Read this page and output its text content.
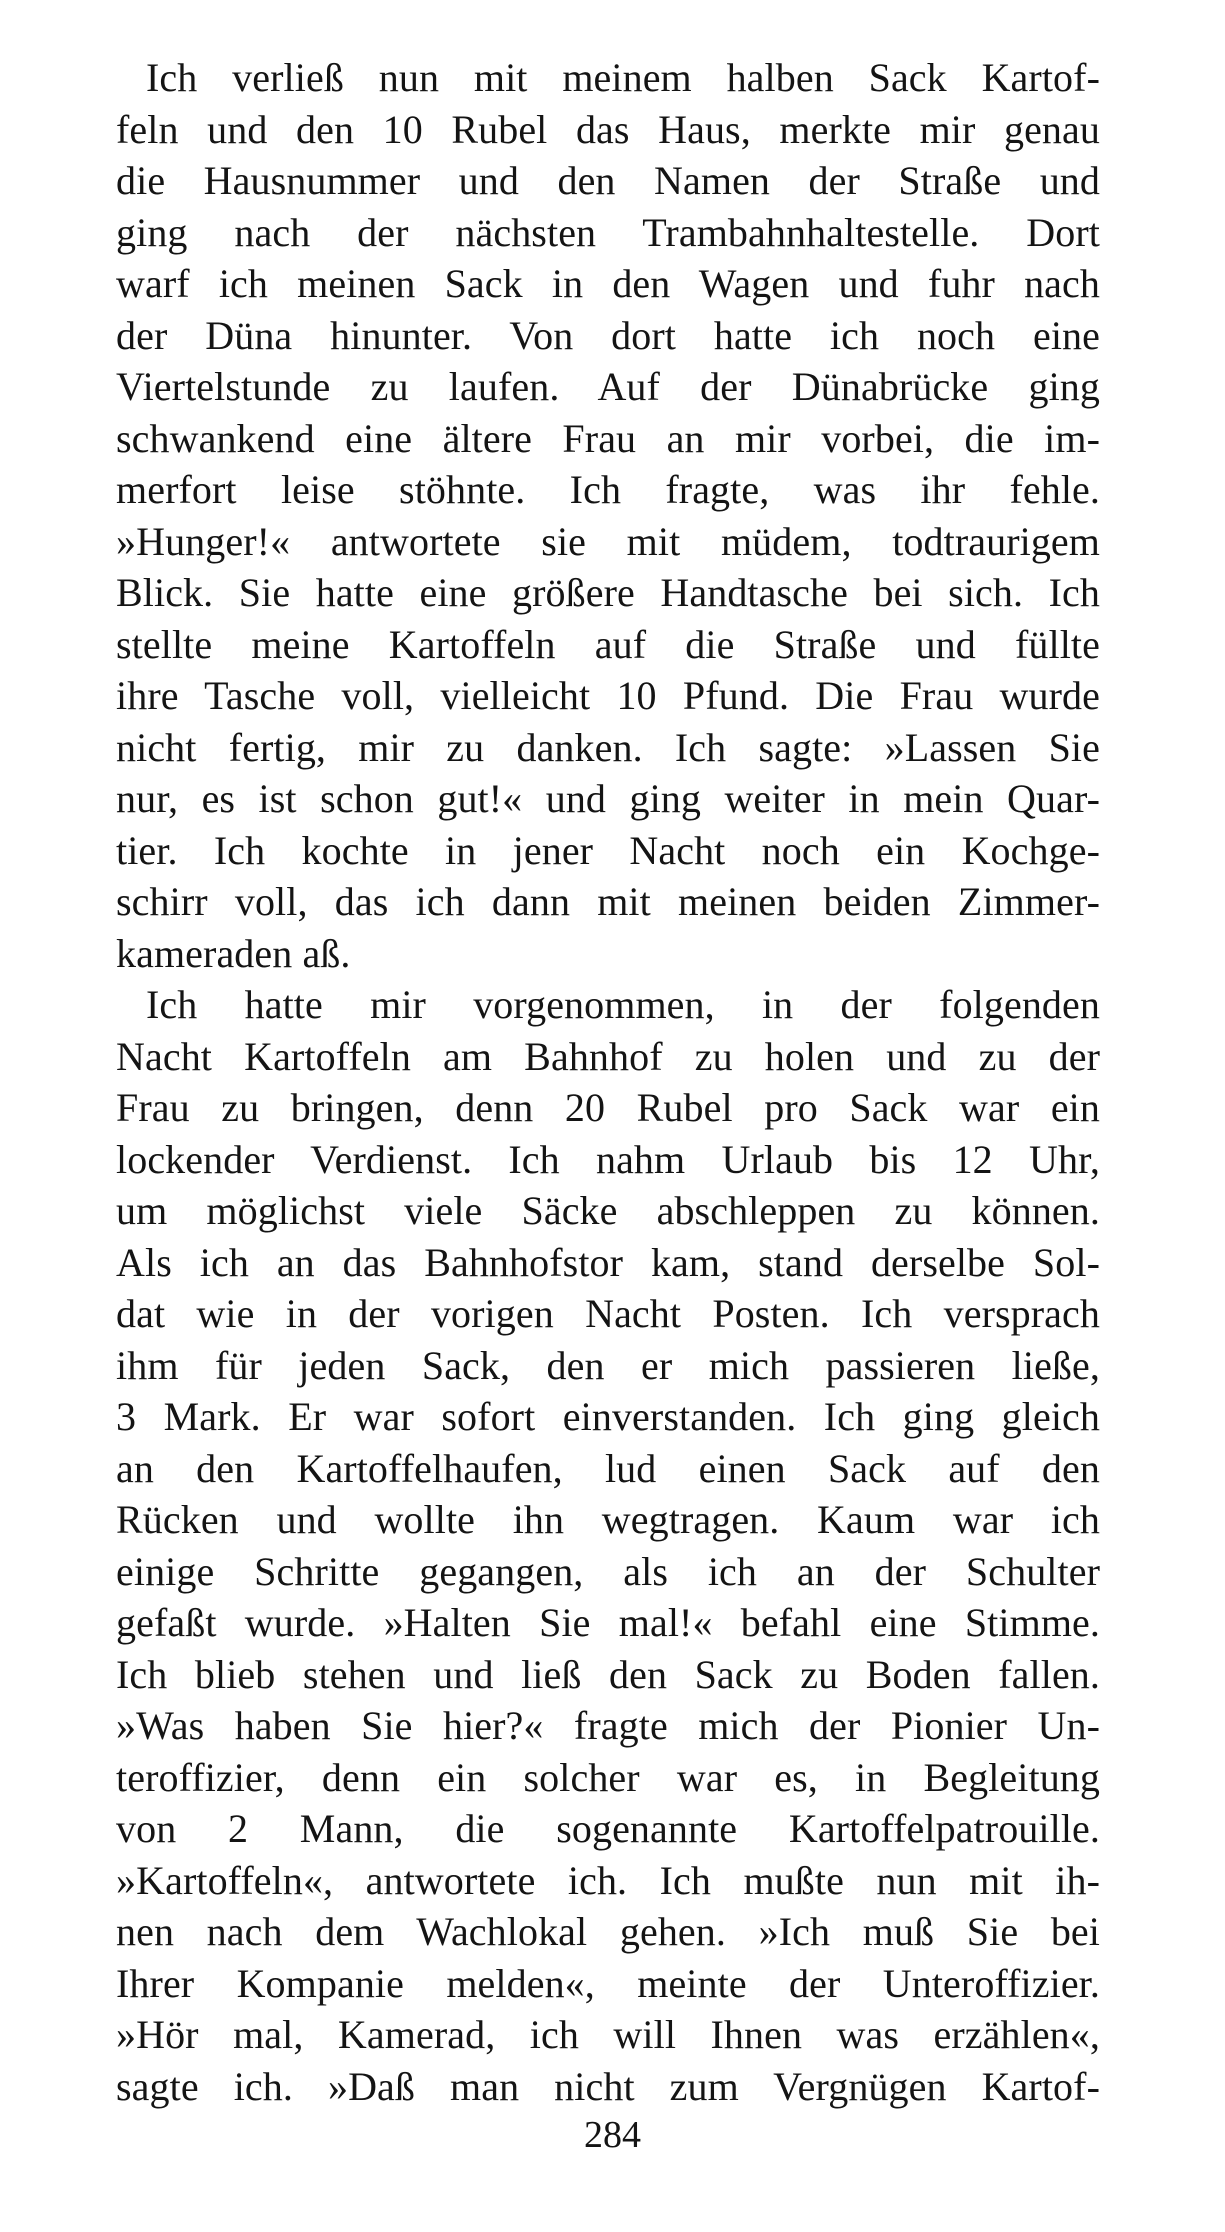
Ich verließ nun mit meinem halben Sack Kartof-
feln und den 10 Rubel das Haus, merkte mir genau
die Hausnummer und den Namen der Straße und
ging nach der nächsten Trambahnhaltestelle. Dort
warf ich meinen Sack in den Wagen und fuhr nach
der Düna hinunter. Von dort hatte ich noch eine
Viertelstunde zu laufen. Auf der Dünabrücke ging
schwankend eine ältere Frau an mir vorbei, die im-
merfort leise stöhnte. Ich fragte, was ihr fehle.
»Hunger!« antwortete sie mit müdem, todtraurigem
Blick. Sie hatte eine größere Handtasche bei sich. Ich
stellte meine Kartoffeln auf die Straße und füllte
ihre Tasche voll, vielleicht 10 Pfund. Die Frau wurde
nicht fertig, mir zu danken. Ich sagte: »Lassen Sie
nur, es ist schon gut!« und ging weiter in mein Quar-
tier. Ich kochte in jener Nacht noch ein Kochge-
schirr voll, das ich dann mit meinen beiden Zimmer-
kameraden aß.
Ich hatte mir vorgenommen, in der folgenden
Nacht Kartoffeln am Bahnhof zu holen und zu der
Frau zu bringen, denn 20 Rubel pro Sack war ein
lockender Verdienst. Ich nahm Urlaub bis 12 Uhr,
um möglichst viele Säcke abschleppen zu können.
Als ich an das Bahnhofstor kam, stand derselbe Sol-
dat wie in der vorigen Nacht Posten. Ich versprach
ihm für jeden Sack, den er mich passieren ließe,
3 Mark. Er war sofort einverstanden. Ich ging gleich
an den Kartoffelhaufen, lud einen Sack auf den
Rücken und wollte ihn wegtragen. Kaum war ich
einige Schritte gegangen, als ich an der Schulter
gefaßt wurde. »Halten Sie mal!« befahl eine Stimme.
Ich blieb stehen und ließ den Sack zu Boden fallen.
»Was haben Sie hier?« fragte mich der Pionier Un-
teroffizier, denn ein solcher war es, in Begleitung
von 2 Mann, die sogenannte Kartoffelpatrouille.
»Kartoffeln«, antwortete ich. Ich mußte nun mit ih-
nen nach dem Wachlokal gehen. »Ich muß Sie bei
Ihrer Kompanie melden«, meinte der Unteroffizier.
»Hör mal, Kamerad, ich will Ihnen was erzählen«,
sagte ich. »Daß man nicht zum Vergnügen Kartof-
284
